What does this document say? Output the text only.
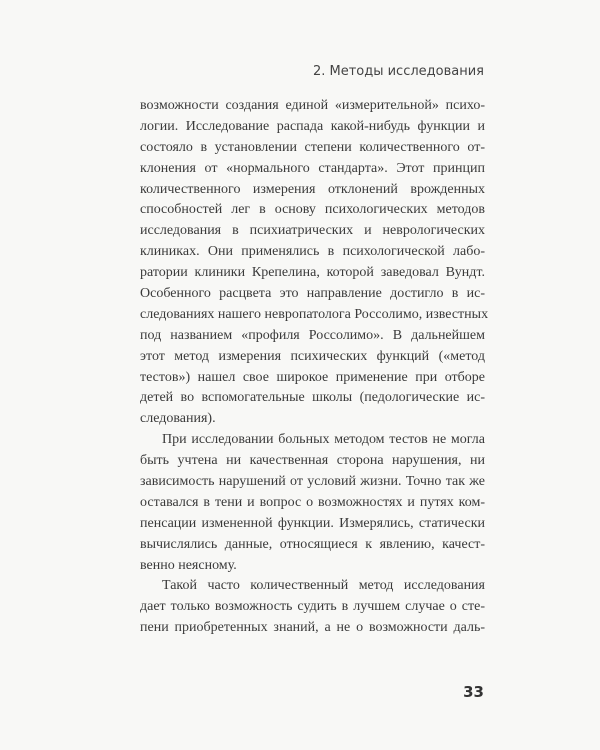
2. Методы исследования
возможности создания единой «измерительной» психо-
логии. Исследование распада какой-нибудь функции и
состояло в установлении степени количественного от-
клонения от «нормального стандарта». Этот принцип
количественного измерения отклонений врожденных
способностей лег в основу психологических методов
исследования в психиатрических и неврологических
клиниках. Они применялись в психологической лабо-
ратории клиники Крепелина, которой заведовал Вундт.
Особенного расцвета это направление достигло в ис-
следованиях нашего невропатолога Россолимо, известных
под названием «профиля Россолимо». В дальнейшем
этот метод измерения психических функций («метод
тестов») нашел свое широкое применение при отборе
детей во вспомогательные школы (педологические ис-
следования).
При исследовании больных методом тестов не могла
быть учтена ни качественная сторона нарушения, ни
зависимость нарушений от условий жизни. Точно так же
оставался в тени и вопрос о возможностях и путях ком-
пенсации измененной функции. Измерялись, статически
вычислялись данные, относящиеся к явлению, качест-
венно неясному.
Такой часто количественный метод исследования
дает только возможность судить в лучшем случае о сте-
пени приобретенных знаний, а не о возможности даль-
33
